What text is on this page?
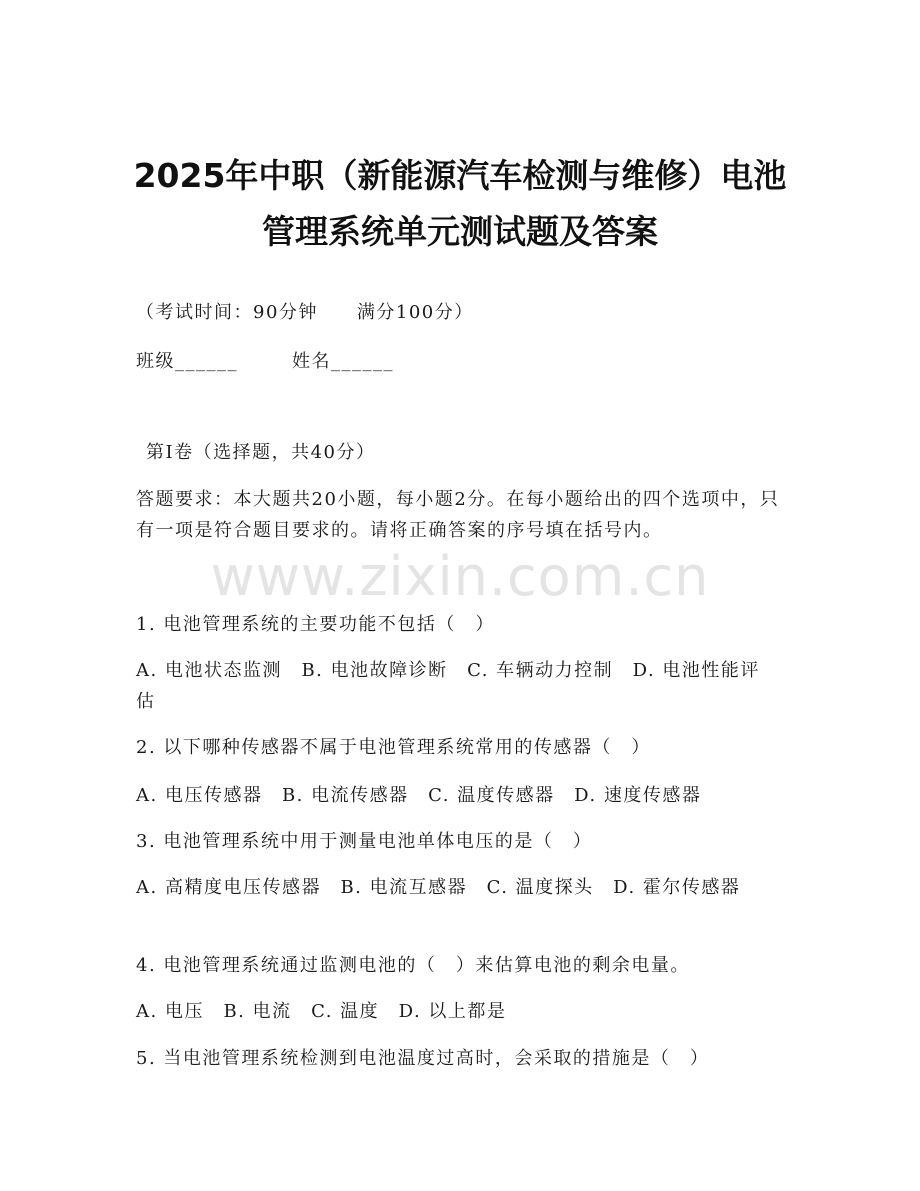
www.zixin.com.cn
2025年中职（新能源汽车检测与维修）电池
管理系统单元测试题及答案
（考试时间：90分钟　　满分100分）
班级______	姓名______
第I卷（选择题，共40分）

答题要求：本大题共20小题，每小题2分。在每小题给出的四个选项中，只有一项是符合题目要求的。请将正确答案的序号填在括号内。

1. 电池管理系统的主要功能不包括（　）

A. 电池状态监测　B. 电池故障诊断　C. 车辆动力控制　D. 电池性能评估

2. 以下哪种传感器不属于电池管理系统常用的传感器（　）

A. 电压传感器　B. 电流传感器　C. 温度传感器　D. 速度传感器

3. 电池管理系统中用于测量电池单体电压的是（　）

A. 高精度电压传感器　B. 电流互感器　C. 温度探头　D. 霍尔传感器

4. 电池管理系统通过监测电池的（　）来估算电池的剩余电量。

A. 电压　B. 电流　C. 温度　D. 以上都是

5. 当电池管理系统检测到电池温度过高时，会采取的措施是（　）
